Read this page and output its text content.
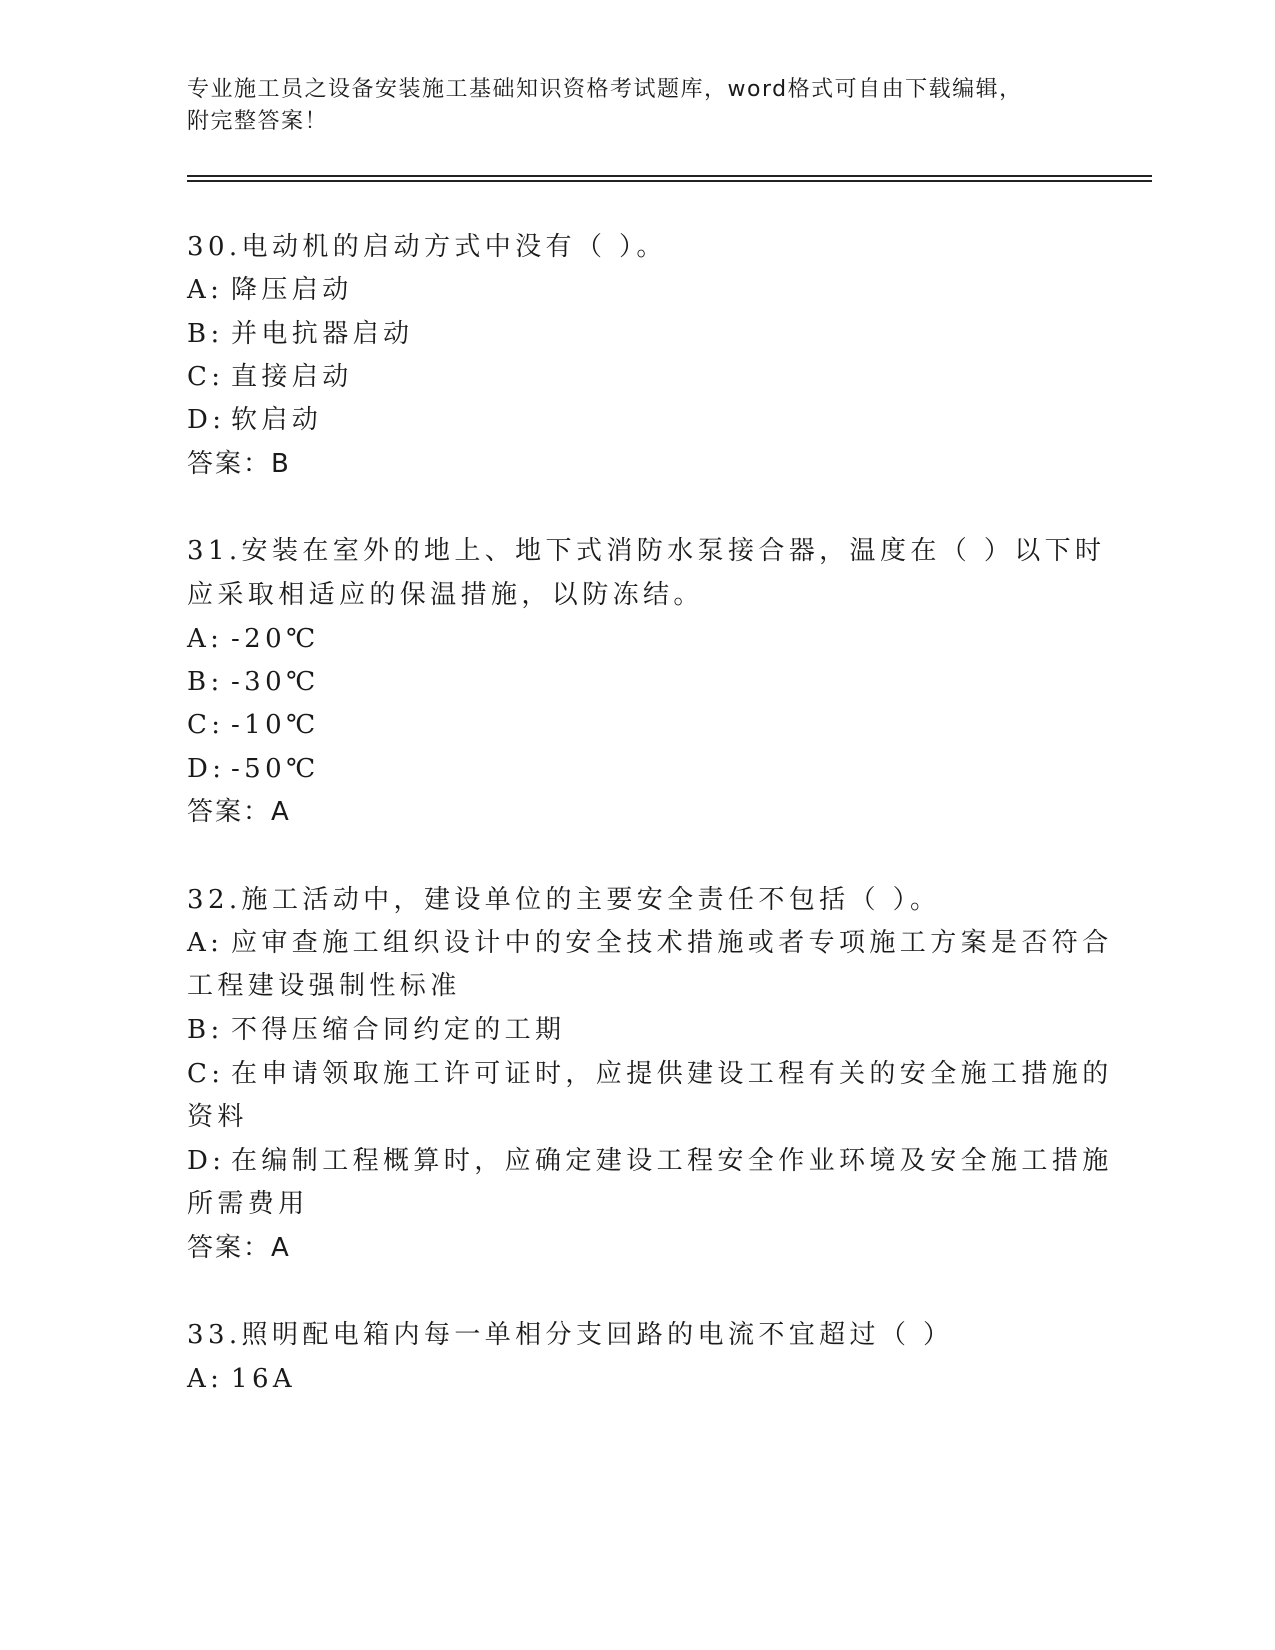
专业施工员之设备安装施工基础知识资格考试题库，word格式可自由下载编辑，
附完整答案！
30.电动机的启动方式中没有（ ）。
A: 降压启动
B: 并电抗器启动
C: 直接启动
D: 软启动
答案：B
31.安装在室外的地上、地下式消防水泵接合器，温度在（ ）以下时
应采取相适应的保温措施，以防冻结。
A: -20℃
B: -30℃
C: -10℃
D: -50℃
答案：A
32.施工活动中，建设单位的主要安全责任不包括（ ）。
A: 应审查施工组织设计中的安全技术措施或者专项施工方案是否符合
工程建设强制性标准
B: 不得压缩合同约定的工期
C: 在申请领取施工许可证时，应提供建设工程有关的安全施工措施的
资料
D: 在编制工程概算时，应确定建设工程安全作业环境及安全施工措施
所需费用
答案：A
33.照明配电箱内每一单相分支回路的电流不宜超过（ ）
A: 16A
